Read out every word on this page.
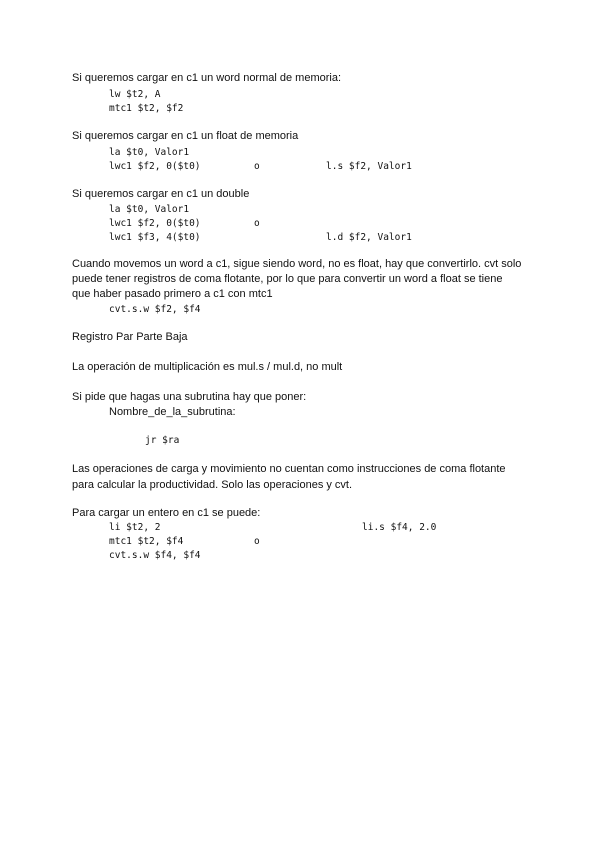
Si queremos cargar en c1 un word normal de memoria:
lw $t2, A
mtc1 $t2, $f2
Si queremos cargar en c1 un float de memoria
la $t0, Valor1
lwc1 $f2, 0($t0)	o	l.s $f2, Valor1
Si queremos cargar en c1 un double
la $t0, Valor1
lwc1 $f2, 0($t0)	o
lwc1 $f3, 4($t0)	l.d $f2, Valor1
Cuando movemos un word a c1, sigue siendo word, no es float, hay que convertirlo. cvt solo
puede tener registros de coma flotante, por lo que para convertir un word a float se tiene
que haber pasado primero a c1 con mtc1
cvt.s.w $f2, $f4
Registro Par Parte Baja
La operación de multiplicación es mul.s / mul.d, no mult
Si pide que hagas una subrutina hay que poner:
Nombre_de_la_subrutina:
jr $ra
Las operaciones de carga y movimiento no cuentan como instrucciones de coma flotante
para calcular la productividad. Solo las operaciones y cvt.
Para cargar un entero en c1 se puede:
li $t2, 2	li.s $f4, 2.0
mtc1 $t2, $f4	o
cvt.s.w $f4, $f4
